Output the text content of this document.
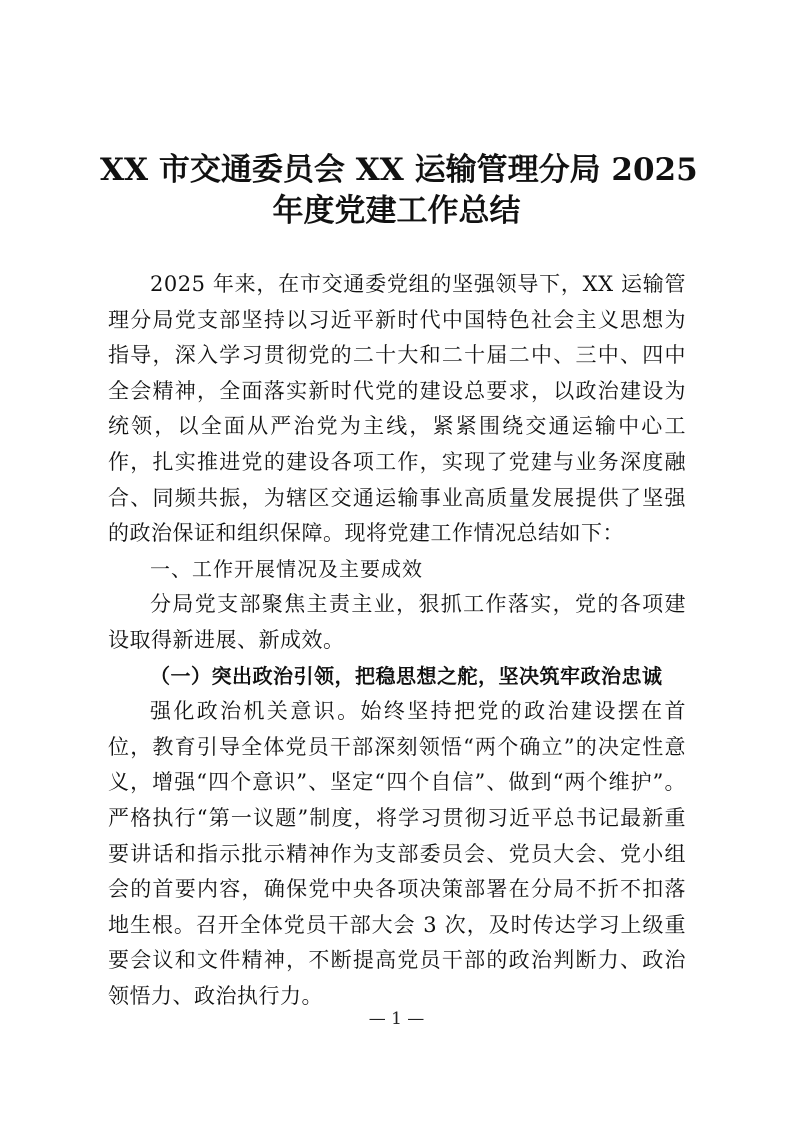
XX 市交通委员会 XX 运输管理分局 2025
年度党建工作总结

2025 年来，在市交通委党组的坚强领导下，XX 运输管理分局党支部坚持以习近平新时代中国特色社会主义思想为指导，深入学习贯彻党的二十大和二十届二中、三中、四中全会精神，全面落实新时代党的建设总要求，以政治建设为统领，以全面从严治党为主线，紧紧围绕交通运输中心工作，扎实推进党的建设各项工作，实现了党建与业务深度融合、同频共振，为辖区交通运输事业高质量发展提供了坚强的政治保证和组织保障。现将党建工作情况总结如下：

一、工作开展情况及主要成效

分局党支部聚焦主责主业，狠抓工作落实，党的各项建设取得新进展、新成效。

（一）突出政治引领，把稳思想之舵，坚决筑牢政治忠诚

强化政治机关意识。始终坚持把党的政治建设摆在首位，教育引导全体党员干部深刻领悟“两个确立”的决定性意义，增强“四个意识”、坚定“四个自信”、做到“两个维护”。严格执行“第一议题”制度，将学习贯彻习近平总书记最新重要讲话和指示批示精神作为支部委员会、党员大会、党小组会的首要内容，确保党中央各项决策部署在分局不折不扣落地生根。召开全体党员干部大会 3 次，及时传达学习上级重要会议和文件精神，不断提高党员干部的政治判断力、政治领悟力、政治执行力。

— 1 —
